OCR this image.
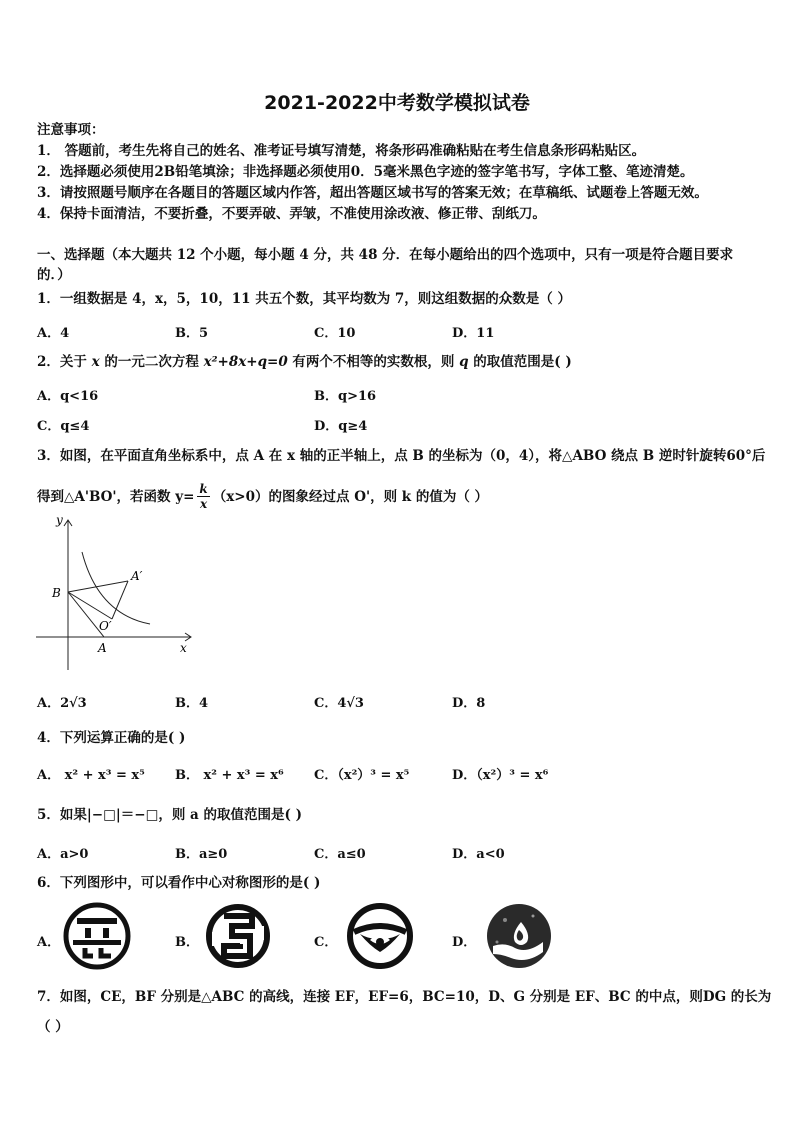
2021-2022中考数学模拟试卷
注意事项：
1． 答题前，考生先将自己的姓名、准考证号填写清楚，将条形码准确粘贴在考生信息条形码粘贴区。
2．选择题必须使用2B铅笔填涂；非选择题必须使用0．5毫米黑色字迹的签字笔书写，字体工整、笔迹清楚。
3．请按照题号顺序在各题目的答题区域内作答，超出答题区域书写的答案无效；在草稿纸、试题卷上答题无效。
4．保持卡面清洁，不要折叠，不要弄破、弄皱，不准使用涂改液、修正带、刮纸刀。
一、选择题（本大题共 12 个小题，每小题 4 分，共 48 分．在每小题给出的四个选项中，只有一项是符合题目要求
的．）
1．一组数据是 4，x，5，10，11 共五个数，其平均数为 7，则这组数据的众数是（ ）
A．4	B．5	C．10	D．11
2．关于 x 的一元二次方程 x²+8x+q=0 有两个不相等的实数根，则 q 的取值范围是( )
A．q<16	B．q>16
C．q≤4	D．q≥4
3．如图，在平面直角坐标系中，点 A 在 x 轴的正半轴上，点 B 的坐标为（0，4），将△ABO 绕点 B 逆时针旋转60°后
得到△A'BO'，若函数 $y= \frac{k}{x} (x>0)$的图象经过点 O'，则 k 的值为（ ）
y
x
B
A
A′
O′
A．2√3	B．4	C．4√3	D．8
4．下列运算正确的是( )
A． x² + x³ = x⁵ B． x² + x³ = x⁶ C．（x²）³ = x⁵	D．（x²）³ = x⁶
5．如果|−□|＝−□，则 a 的取值范围是( )
A．a>0	B．a≥0	C．a≤0	D．a<0
6．下列图形中，可以看作中心对称图形的是( )
A．	B．	C．	D．
7．如图，CE，BF 分别是△ABC 的高线，连接 EF，EF=6，BC=10，D、G 分别是 EF、BC 的中点，则DG 的长为
（ ）
